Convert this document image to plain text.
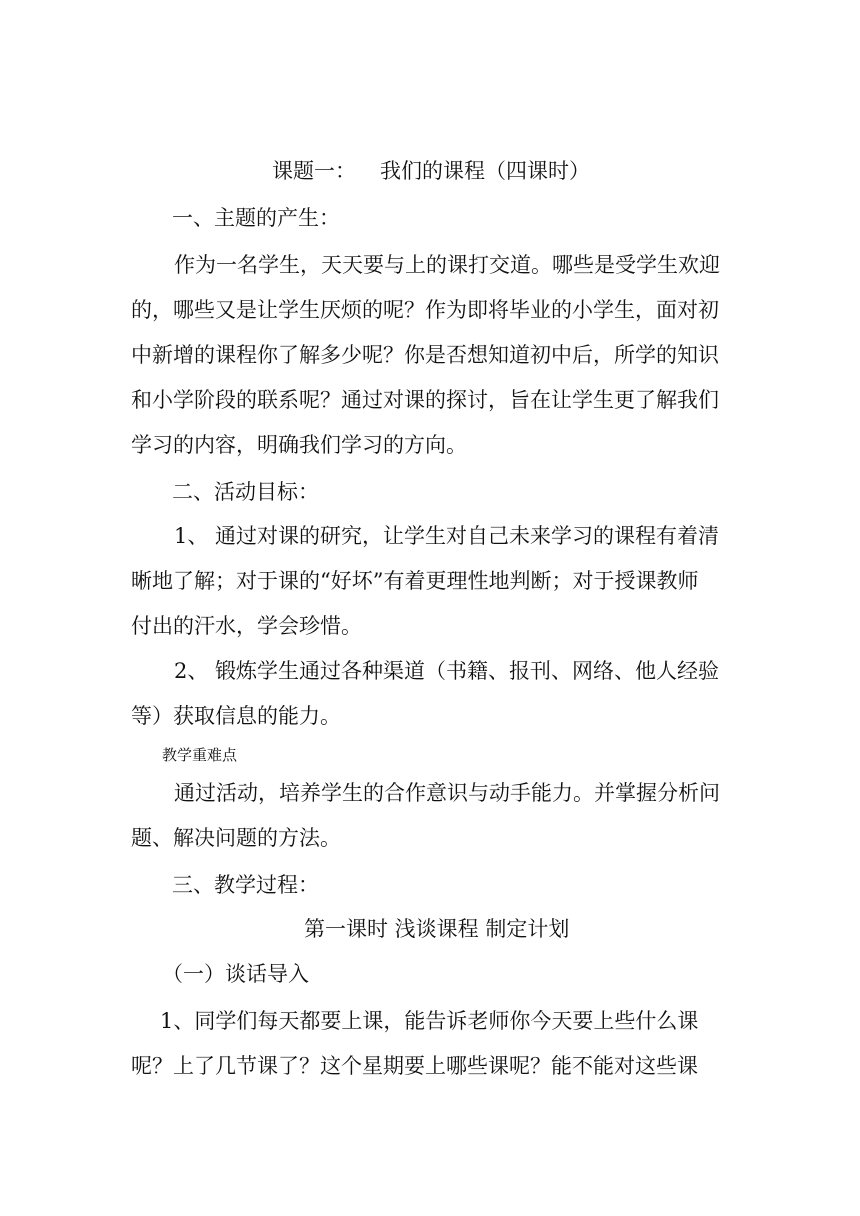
课题一： 我们的课程（四课时）

一、主题的产生：

作为一名学生，天天要与上的课打交道。哪些是受学生欢迎

的，哪些又是让学生厌烦的呢？作为即将毕业的小学生，面对初

中新增的课程你了解多少呢？你是否想知道初中后，所学的知识

和小学阶段的联系呢？通过对课的探讨，旨在让学生更了解我们

学习的内容，明确我们学习的方向。

二、活动目标：

1、 通过对课的研究，让学生对自己未来学习的课程有着清

晰地了解；对于课的“好坏”有着更理性地判断；对于授课教师

付出的汗水，学会珍惜。

2、 锻炼学生通过各种渠道（书籍、报刊、网络、他人经验

等）获取信息的能力。

教学重难点

通过活动，培养学生的合作意识与动手能力。并掌握分析问

题、解决问题的方法。

三、教学过程：

第一课时 浅谈课程 制定计划

（一）谈话导入

1、同学们每天都要上课，能告诉老师你今天要上些什么课

呢？上了几节课了？这个星期要上哪些课呢？能不能对这些课
